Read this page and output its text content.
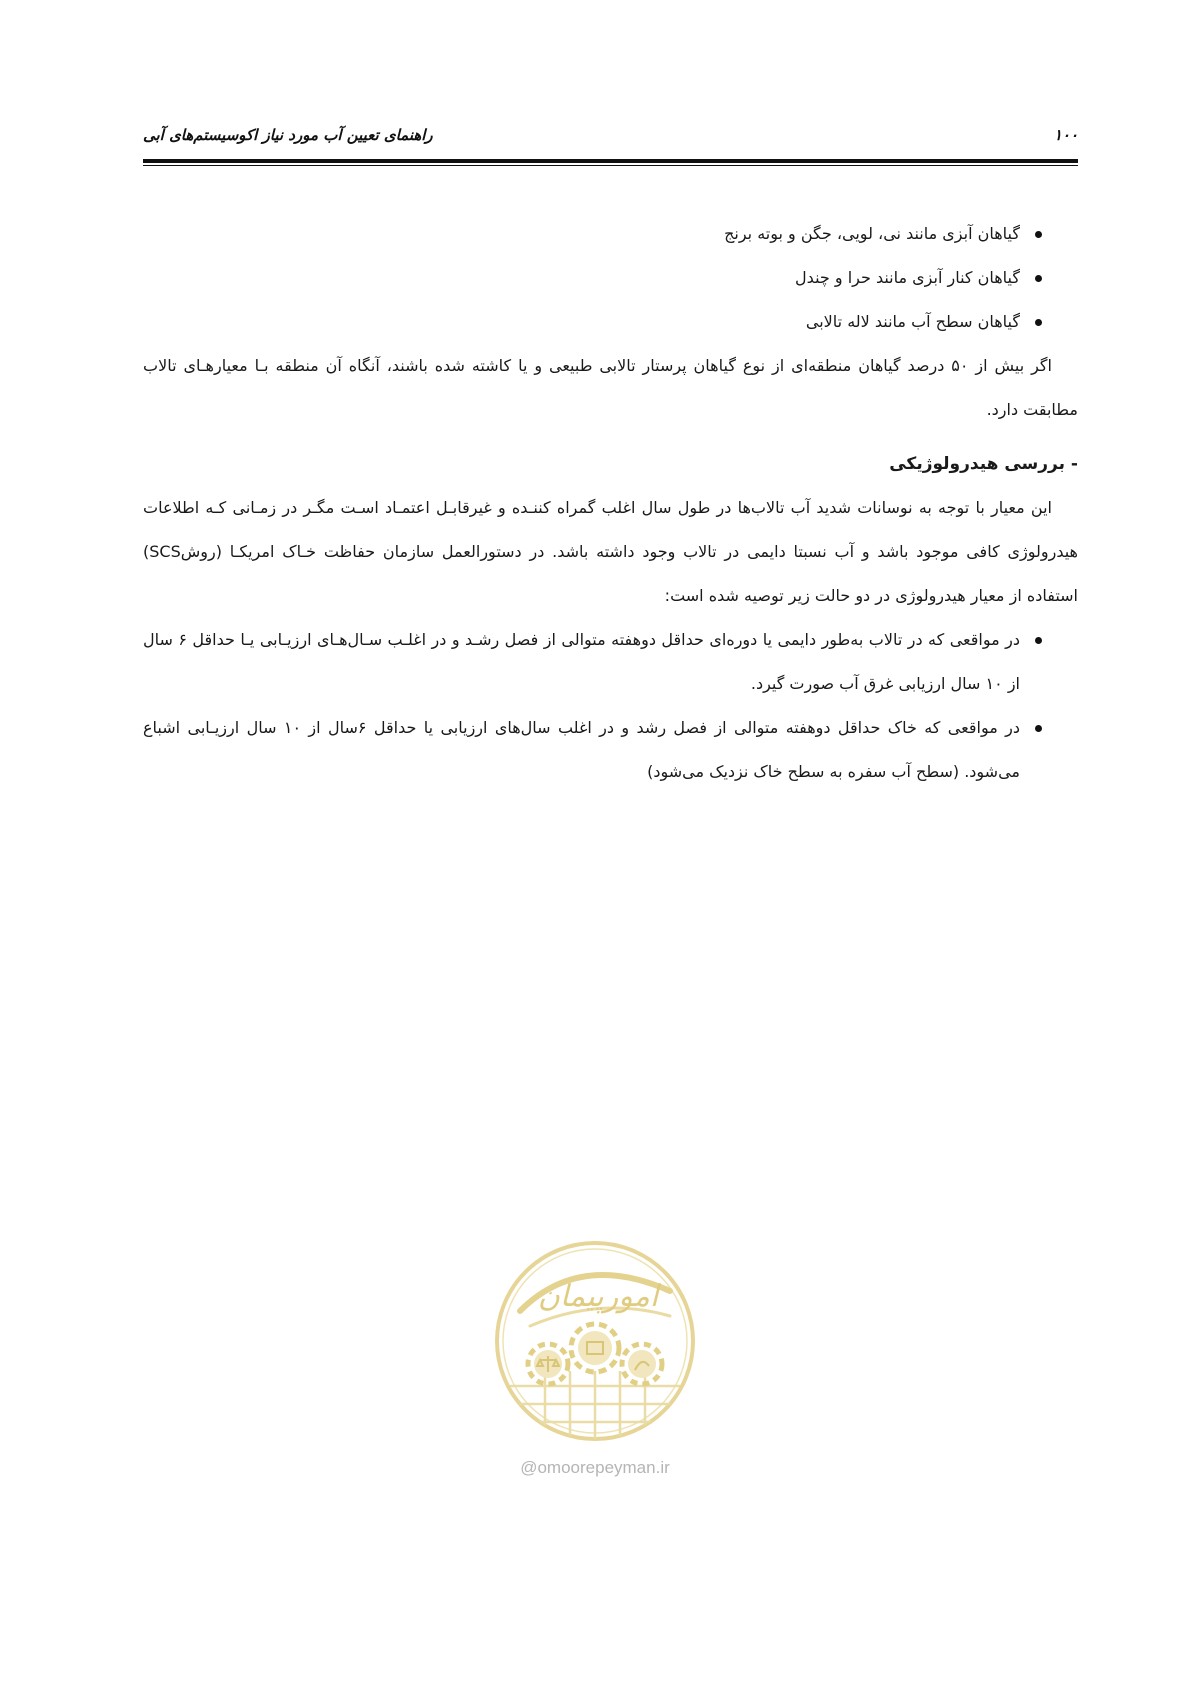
۱۰۰
راهنمای تعیین آب مورد نیاز اکوسیستم‌های آبی
گیاهان آبزی مانند نی، لویی، جگن و بوته برنج
گیاهان کنار آبزی مانند حرا و چندل
گیاهان سطح آب مانند لاله تالابی

اگر بیش از ۵۰ درصد گیاهان منطقه‌ای از نوع گیاهان پرستار تالابی طبیعی و یا کاشته شده باشند، آنگاه آن منطقه بـا معیارهـای تالاب مطابقت دارد.

- بررسی هیدرولوژیکی

این معیار با توجه به نوسانات شدید آب تالاب‌ها در طول سال اغلب گمراه کننـده و غیرقابـل اعتمـاد اسـت مگـر در زمـانی کـه اطلاعات هیدرولوژی کافی موجود باشد و آب نسبتا دایمی در تالاب وجود داشته باشد. در دستورالعمل سازمان حفاظت خـاک امریکـا (روشSCS) استفاده از معیار هیدرولوژی در دو حالت زیر توصیه شده است:

در مواقعی که در تالاب به‌طور دایمی یا دوره‌ای حداقل دوهفته متوالی از فصل رشـد و در اغلـب سـال‌هـای ارزیـابی یـا حداقل ۶ سال از ۱۰ سال ارزیابی غرق آب صورت گیرد.
در مواقعی که خاک حداقل دوهفته متوالی از فصل رشد و در اغلب سال‌های ارزیابی یا حداقل ۶سال از ۱۰ سال ارزیـابی اشباع می‌شود. (سطح آب سفره به سطح خاک نزدیک می‌شود)
امورپیمان
@omoorepeyman.ir
